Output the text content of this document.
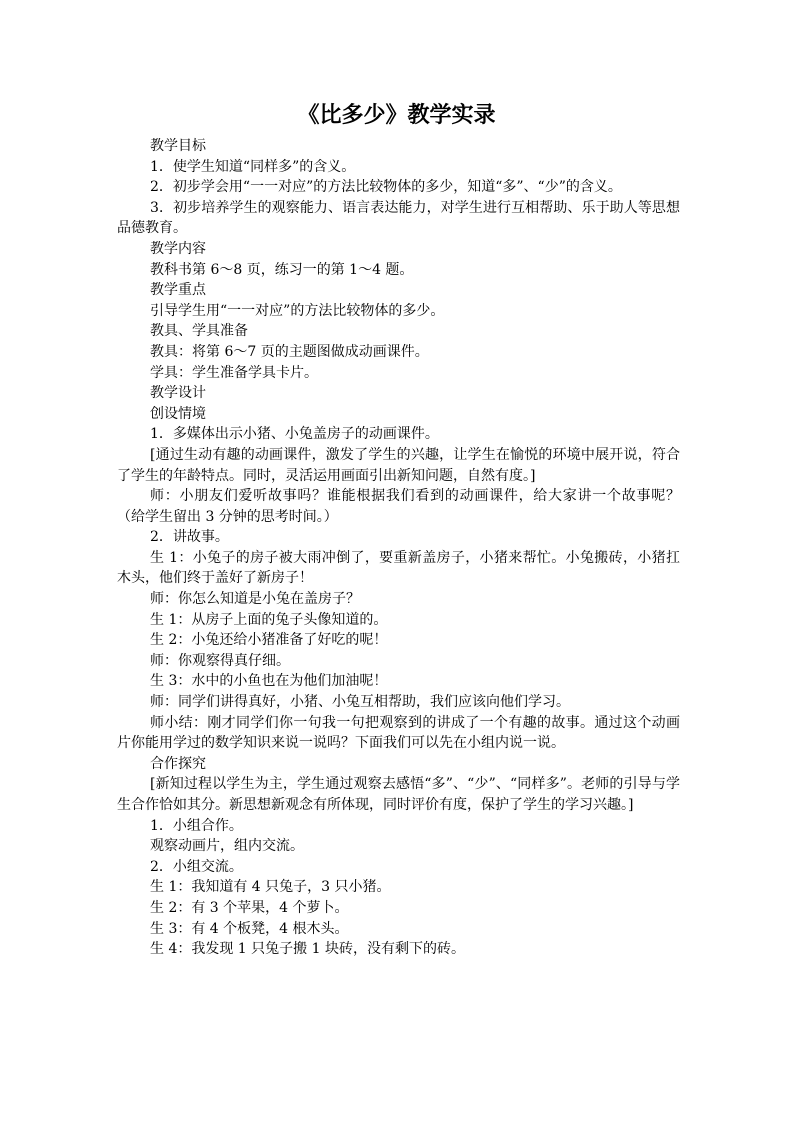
《比多少》教学实录

教学目标

1．使学生知道“同样多”的含义。

2．初步学会用“一一对应”的方法比较物体的多少，知道“多”、“少”的含义。

3．初步培养学生的观察能力、语言表达能力，对学生进行互相帮助、乐于助人等思想品德教育。

教学内容

教科书第 6～8 页，练习一的第 1～4 题。

教学重点

引导学生用“一一对应”的方法比较物体的多少。

教具、学具准备

教具：将第 6～7 页的主题图做成动画课件。

学具：学生准备学具卡片。

教学设计

创设情境

1．多媒体出示小猪、小兔盖房子的动画课件。

[通过生动有趣的动画课件，激发了学生的兴趣，让学生在愉悦的环境中展开说，符合了学生的年龄特点。同时，灵活运用画面引出新知问题，自然有度。]

师：小朋友们爱听故事吗？谁能根据我们看到的动画课件，给大家讲一个故事呢？（给学生留出 3 分钟的思考时间。）

2．讲故事。

生 1：小兔子的房子被大雨冲倒了，要重新盖房子，小猪来帮忙。小兔搬砖，小猪扛木头，他们终于盖好了新房子！

师：你怎么知道是小兔在盖房子？

生 1：从房子上面的兔子头像知道的。

生 2：小兔还给小猪准备了好吃的呢！

师：你观察得真仔细。

生 3：水中的小鱼也在为他们加油呢！

师：同学们讲得真好，小猪、小兔互相帮助，我们应该向他们学习。

师小结：刚才同学们你一句我一句把观察到的讲成了一个有趣的故事。通过这个动画片你能用学过的数学知识来说一说吗？下面我们可以先在小组内说一说。

合作探究

[新知过程以学生为主，学生通过观察去感悟“多”、“少”、“同样多”。老师的引导与学生合作恰如其分。新思想新观念有所体现，同时评价有度，保护了学生的学习兴趣。]

1．小组合作。

观察动画片，组内交流。

2．小组交流。

生 1：我知道有 4 只兔子，3 只小猪。

生 2：有 3 个苹果，4 个萝卜。

生 3：有 4 个板凳，4 根木头。

生 4：我发现 1 只兔子搬 1 块砖，没有剩下的砖。
